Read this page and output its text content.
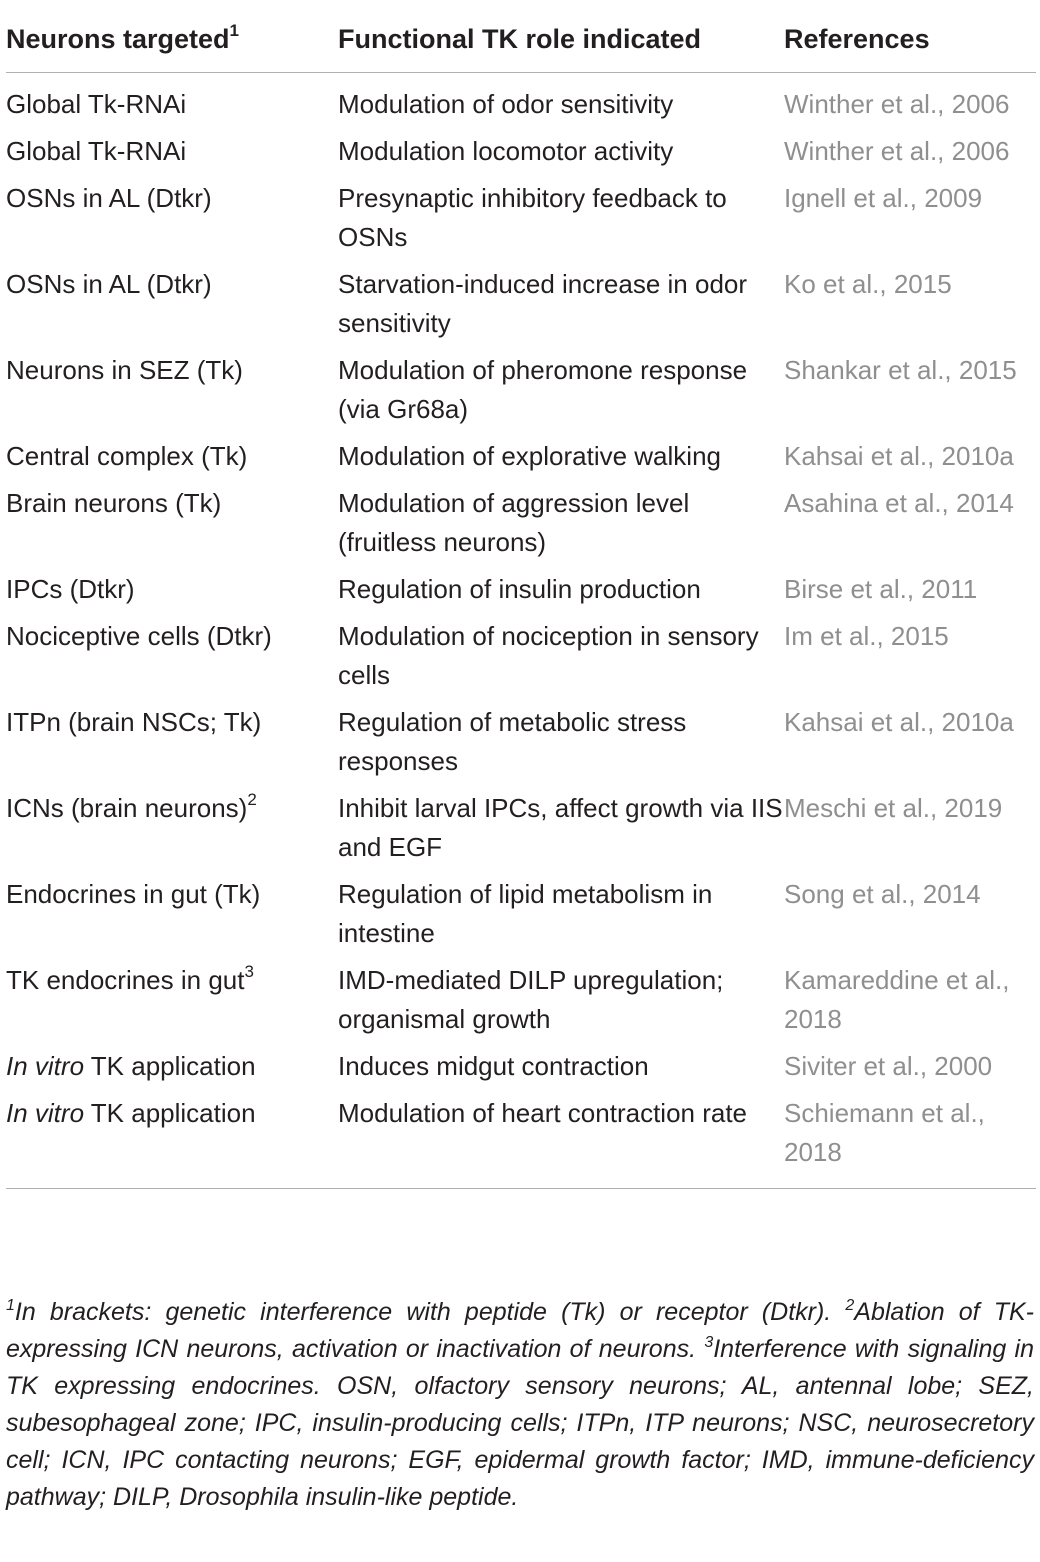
Neurons targeted$^1$	Functional TK role indicated	References
Global Tk-RNAi	Modulation of odor sensitivity	Winther et al., 2006
Global Tk-RNAi	Modulation locomotor activity	Winther et al., 2006
OSNs in AL (Dtkr)	Presynaptic inhibitory feedback to OSNs	Ignell et al., 2009
OSNs in AL (Dtkr)	Starvation-induced increase in odor sensitivity	Ko et al., 2015
Neurons in SEZ (Tk)	Modulation of pheromone response (via Gr68a)	Shankar et al., 2015
Central complex (Tk)	Modulation of explorative walking	Kahsai et al., 2010a
Brain neurons (Tk)	Modulation of aggression level (fruitless neurons)	Asahina et al., 2014
IPCs (Dtkr)	Regulation of insulin production	Birse et al., 2011
Nociceptive cells (Dtkr)	Modulation of nociception in sensory cells	Im et al., 2015
ITPn (brain NSCs; Tk)	Regulation of metabolic stress responses	Kahsai et al., 2010a
ICNs (brain neurons)$^2$	Inhibit larval IPCs, affect growth via IIS and EGF	Meschi et al., 2019
Endocrines in gut (Tk)	Regulation of lipid metabolism in intestine	Song et al., 2014
TK endocrines in gut$^3$	IMD-mediated DILP upregulation; organismal growth	Kamareddine et al., 2018
In vitro TK application	Induces midgut contraction	Siviter et al., 2000
In vitro TK application	Modulation of heart contraction rate	Schiemann et al., 2018
$^1$In brackets: genetic interference with peptide (Tk) or receptor (Dtkr). $^2$Ablation of TK-expressing ICN neurons, activation or inactivation of neurons. $^3$Interference with signaling in TK expressing endocrines. OSN, olfactory sensory neurons; AL, antennal lobe; SEZ, subesophageal zone; IPC, insulin-producing cells; ITPn, ITP neurons; NSC, neurosecretory cell; ICN, IPC contacting neurons; EGF, epidermal growth factor; IMD, immune-deficiency pathway; DILP, Drosophila insulin-like peptide.
